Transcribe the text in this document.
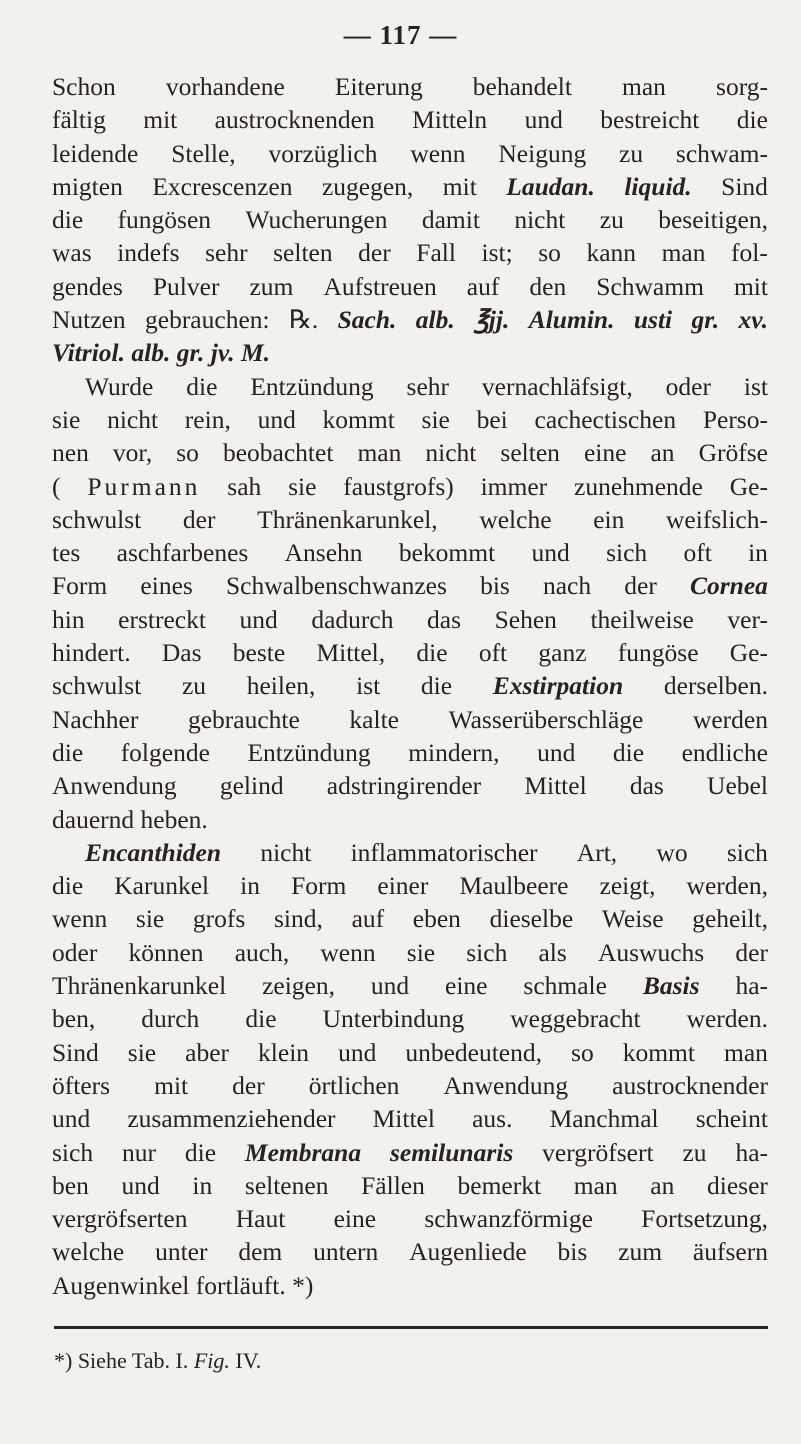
— 117 —
Schon vorhandene Eiterung behandelt man sorg-
fältig mit austrocknenden Mitteln und bestreicht die
leidende Stelle, vorzüglich wenn Neigung zu schwam-
migten Excrescenzen zugegen, mit Laudan. liquid. Sind
die fungösen Wucherungen damit nicht zu beseitigen,
was indefs sehr selten der Fall ist; so kann man fol-
gendes Pulver zum Aufstreuen auf den Schwamm mit
Nutzen gebrauchen: ℞. Sach. alb. ℥jj. Alumin. usti gr. xv.
Vitriol. alb. gr. jv. M.
Wurde die Entzündung sehr vernachläfsigt, oder ist
sie nicht rein, und kommt sie bei cachectischen Perso-
nen vor, so beobachtet man nicht selten eine an Gröfse
( Purmann sah sie faustgrofs) immer zunehmende Ge-
schwulst der Thränenkarunkel, welche ein weifslich-
tes aschfarbenes Ansehn bekommt und sich oft in
Form eines Schwalbenschwanzes bis nach der Cornea
hin erstreckt und dadurch das Sehen theilweise ver-
hindert. Das beste Mittel, die oft ganz fungöse Ge-
schwulst zu heilen, ist die Exstirpation derselben.
Nachher gebrauchte kalte Wasserüberschläge werden
die folgende Entzündung mindern, und die endliche
Anwendung gelind adstringirender Mittel das Uebel
dauernd heben.
Encanthiden nicht inflammatorischer Art, wo sich
die Karunkel in Form einer Maulbeere zeigt, werden,
wenn sie grofs sind, auf eben dieselbe Weise geheilt,
oder können auch, wenn sie sich als Auswuchs der
Thränenkarunkel zeigen, und eine schmale Basis ha-
ben, durch die Unterbindung weggebracht werden.
Sind sie aber klein und unbedeutend, so kommt man
öfters mit der örtlichen Anwendung austrocknender
und zusammenziehender Mittel aus. Manchmal scheint
sich nur die Membrana semilunaris vergröfsert zu ha-
ben und in seltenen Fällen bemerkt man an dieser
vergröfserten Haut eine schwanzförmige Fortsetzung,
welche unter dem untern Augenliede bis zum äufsern
Augenwinkel fortläuft. *)
*) Siehe Tab. I. Fig. IV.
